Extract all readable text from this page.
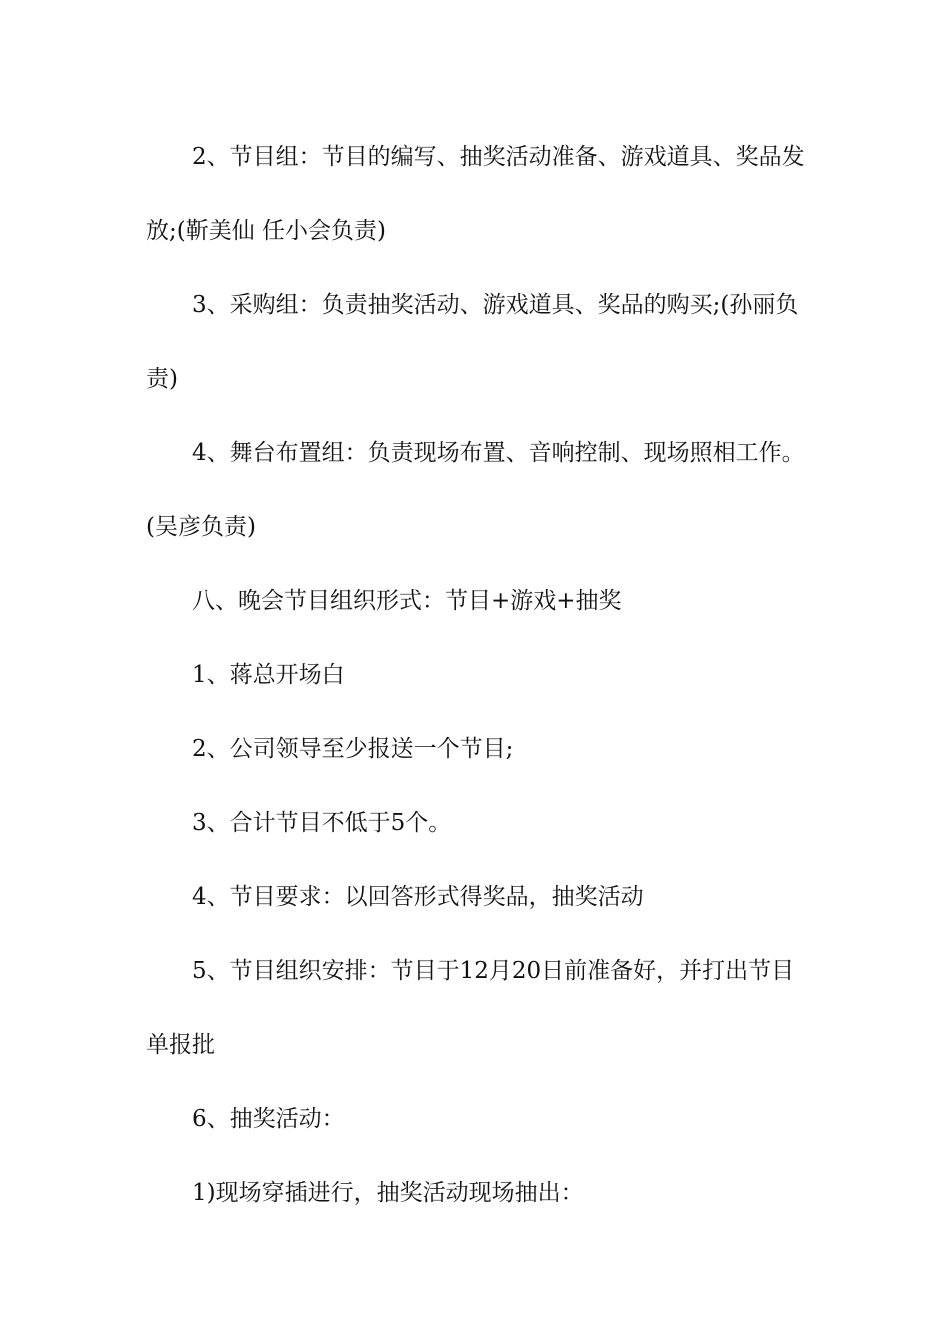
2、节目组：节目的编写、抽奖活动准备、游戏道具、奖品发放;(靳美仙 任小会负责)

3、采购组：负责抽奖活动、游戏道具、奖品的购买;(孙丽负责)

4、舞台布置组：负责现场布置、音响控制、现场照相工作。(吴彦负责)

八、晚会节目组织形式：节目+游戏+抽奖

1、蒋总开场白

2、公司领导至少报送一个节目;

3、合计节目不低于5个。

4、节目要求：以回答形式得奖品，抽奖活动

5、节目组织安排：节目于12月20日前准备好，并打出节目单报批

6、抽奖活动：

1)现场穿插进行，抽奖活动现场抽出：
